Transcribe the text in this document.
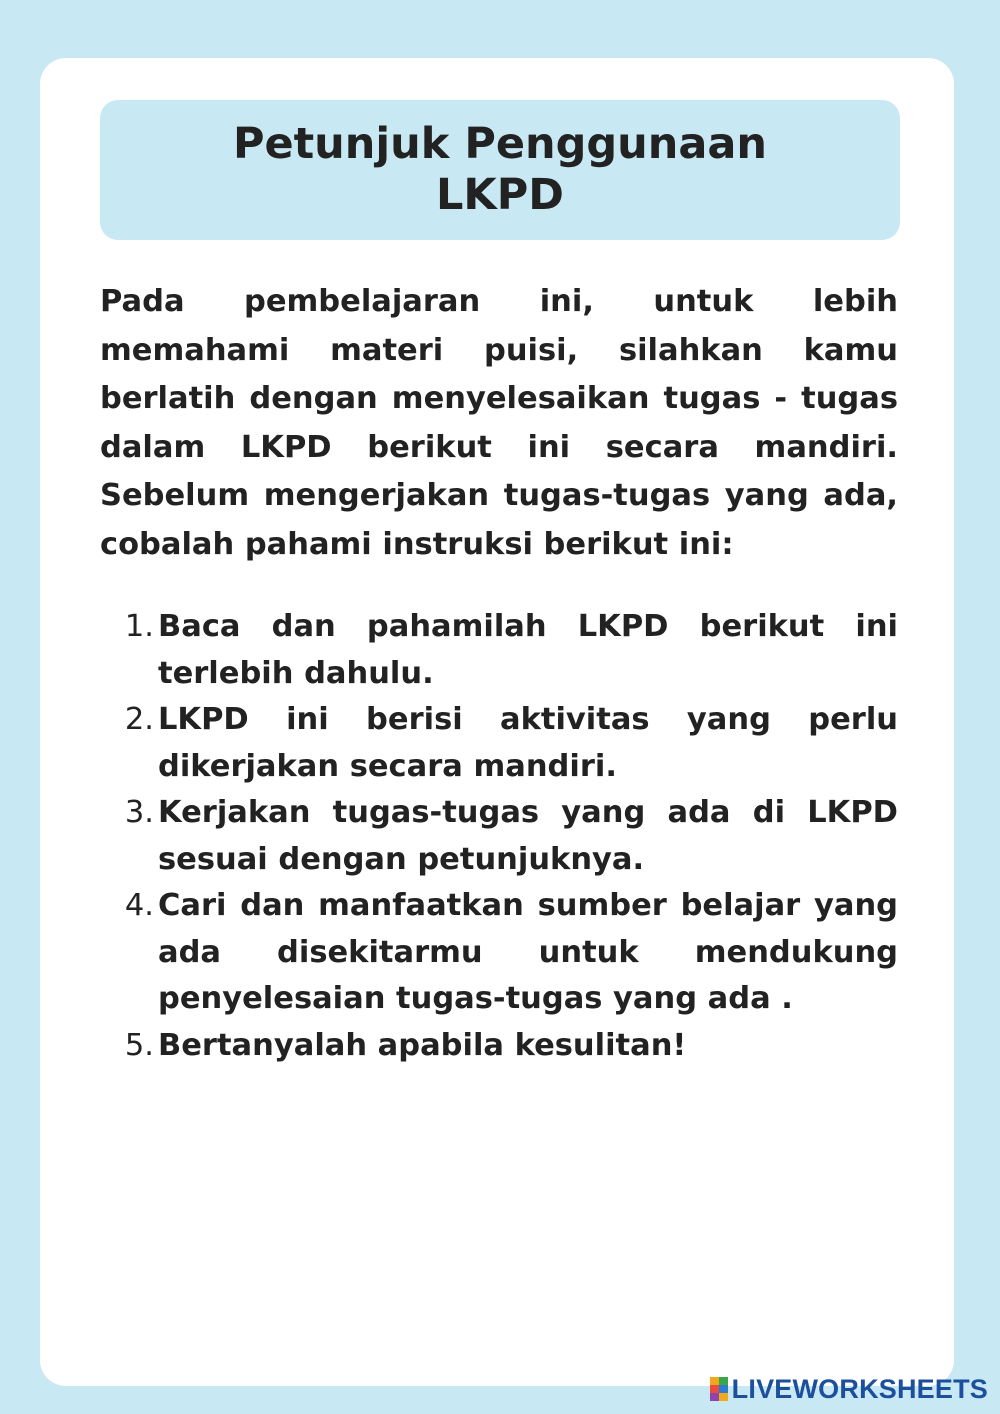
Petunjuk Penggunaan
LKPD

Pada pembelajaran ini, untuk lebih memahami materi puisi, silahkan kamu berlatih dengan menyelesaikan tugas - tugas dalam LKPD berikut ini secara mandiri. Sebelum mengerjakan tugas-tugas yang ada, cobalah pahami instruksi berikut ini:

1. Baca dan pahamilah LKPD berikut ini terlebih dahulu.
2. LKPD ini berisi aktivitas yang perlu dikerjakan secara mandiri.
3. Kerjakan tugas-tugas yang ada di LKPD sesuai dengan petunjuknya.
4. Cari dan manfaatkan sumber belajar yang ada disekitarmu untuk mendukung penyelesaian tugas-tugas yang ada .
5. Bertanyalah apabila kesulitan!
LIVEWORKSHEETS
